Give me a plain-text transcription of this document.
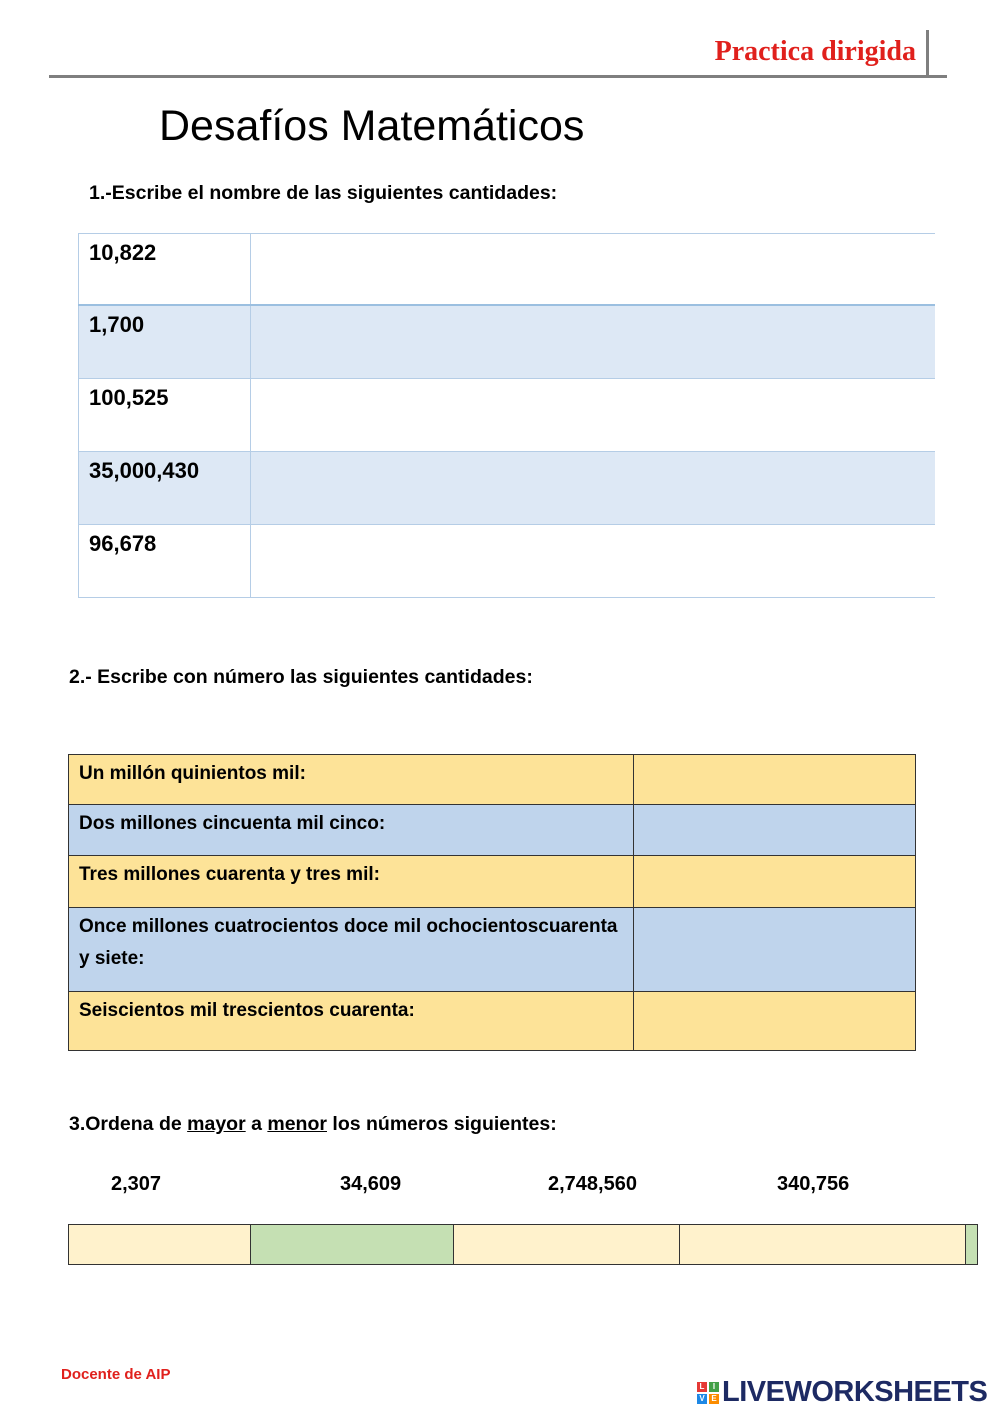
Practica dirigida
Desafíos Matemáticos

1.-Escribe el nombre de las siguientes cantidades:

10,822
1,700
100,525
35,000,430
96,678

2.- Escribe con número las siguientes cantidades:

Un millón quinientos mil:
Dos millones cincuenta mil cinco:
Tres millones cuarenta y tres mil:
Once millones cuatrocientos doce mil ochocientoscuarenta y siete:
Seiscientos mil trescientos cuarenta:

3.Ordena de mayor a menor los números siguientes:

2,307	34,609	2,748,560	340,756
Docente de AIP
L	I
V E LIVEWORKSHEETS
